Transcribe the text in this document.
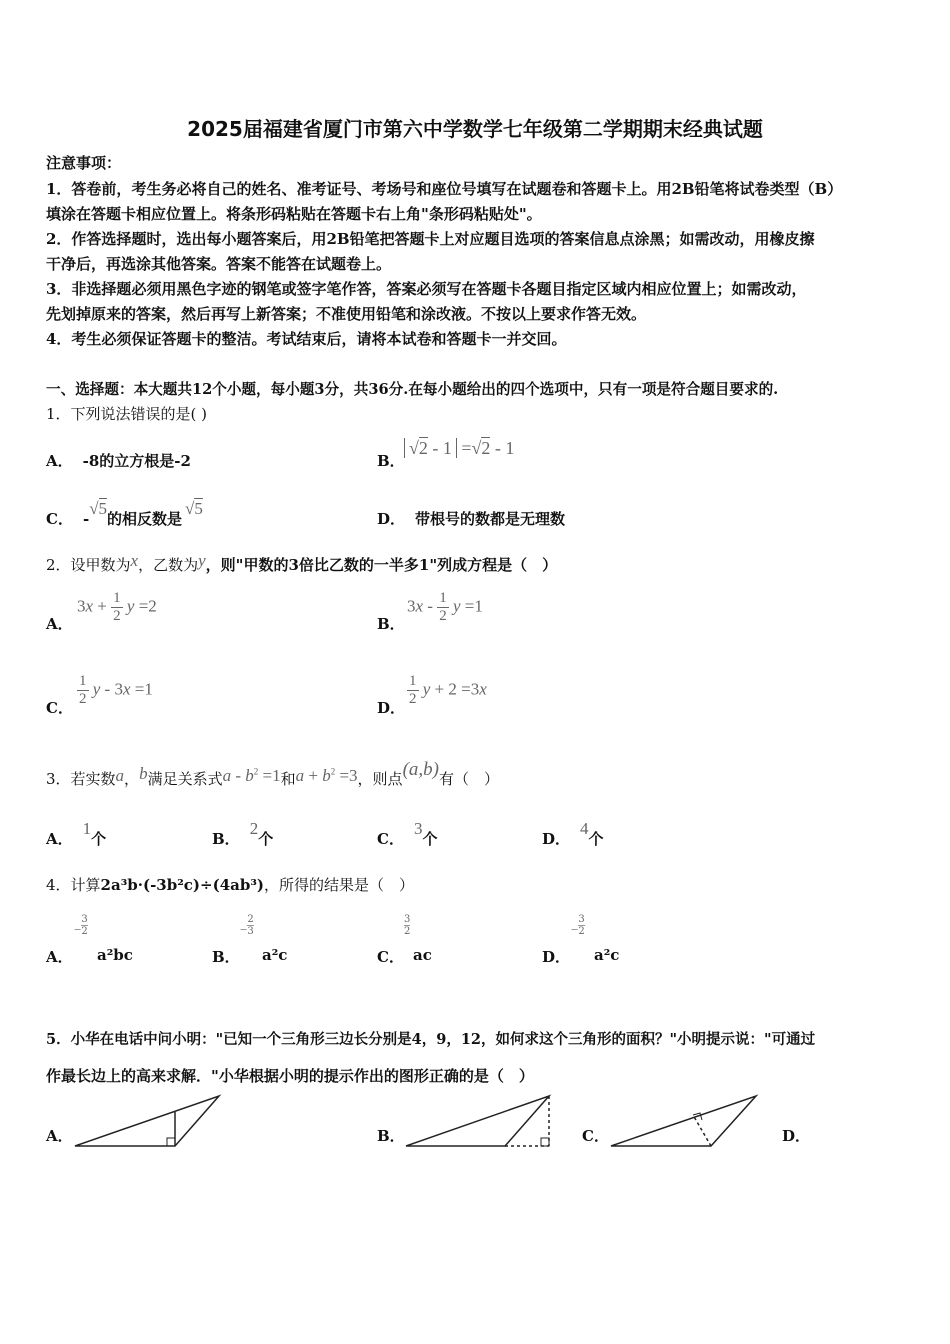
2025届福建省厦门市第六中学数学七年级第二学期期末经典试题
注意事项：
1．答卷前，考生务必将自己的姓名、准考证号、考场号和座位号填写在试题卷和答题卡上。用2B铅笔将试卷类型（B）
填涂在答题卡相应位置上。将条形码粘贴在答题卡右上角"条形码粘贴处"。
2．作答选择题时，选出每小题答案后，用2B铅笔把答题卡上对应题目选项的答案信息点涂黑；如需改动，用橡皮擦
干净后，再选涂其他答案。答案不能答在试题卷上。
3．非选择题必须用黑色字迹的钢笔或签字笔作答，答案必须写在答题卡各题目指定区域内相应位置上；如需改动，
先划掉原来的答案，然后再写上新答案；不准使用铅笔和涂改液。不按以上要求作答无效。
4．考生必须保证答题卡的整洁。考试结束后，请将本试卷和答题卡一并交回。
一、选择题：本大题共12个小题，每小题3分，共36分.在每小题给出的四个选项中，只有一项是符合题目要求的.
1．下列说法错误的是( )
A． -8的立方根是-2	B．
√2 - 1 =√2 - 1
C． -√5的相反数是√5
D． 带根号的数都是无理数
2．设甲数为x，乙数为y，则"甲数的3倍比乙数的一半多1"列成方程是（　）
A．
$3x + \frac{1}{2}$ y =2
B．
$3x - \frac{1}{2}$ y =1
C． $\frac{1}{2}$ y - 3x =1
D． $\frac{1}{2}$ y + 2 =3x
3．若实数a，b满足关系式$a - b^2 =1$和$a + b^2 =3$，则点(a,b)有（　）
A．1个	B．2个	C．3个	D．4个
4．计算2a³b·(-3b²c)÷(4ab³)，所得的结果是（　）
A．
− $\frac{3}{2}$
a²bc	B．
− $\frac{2}{3}$
a²c	C．
$\frac{3}{2}$
ac	D．
− $\frac{3}{2}$
a²c
5．小华在电话中问小明："已知一个三角形三边长分别是4，9，12，如何求这个三角形的面积？"小明提示说："可通过
作最长边上的高来求解．"小华根据小明的提示作出的图形正确的是（　）
A．	B．	C．	D．
